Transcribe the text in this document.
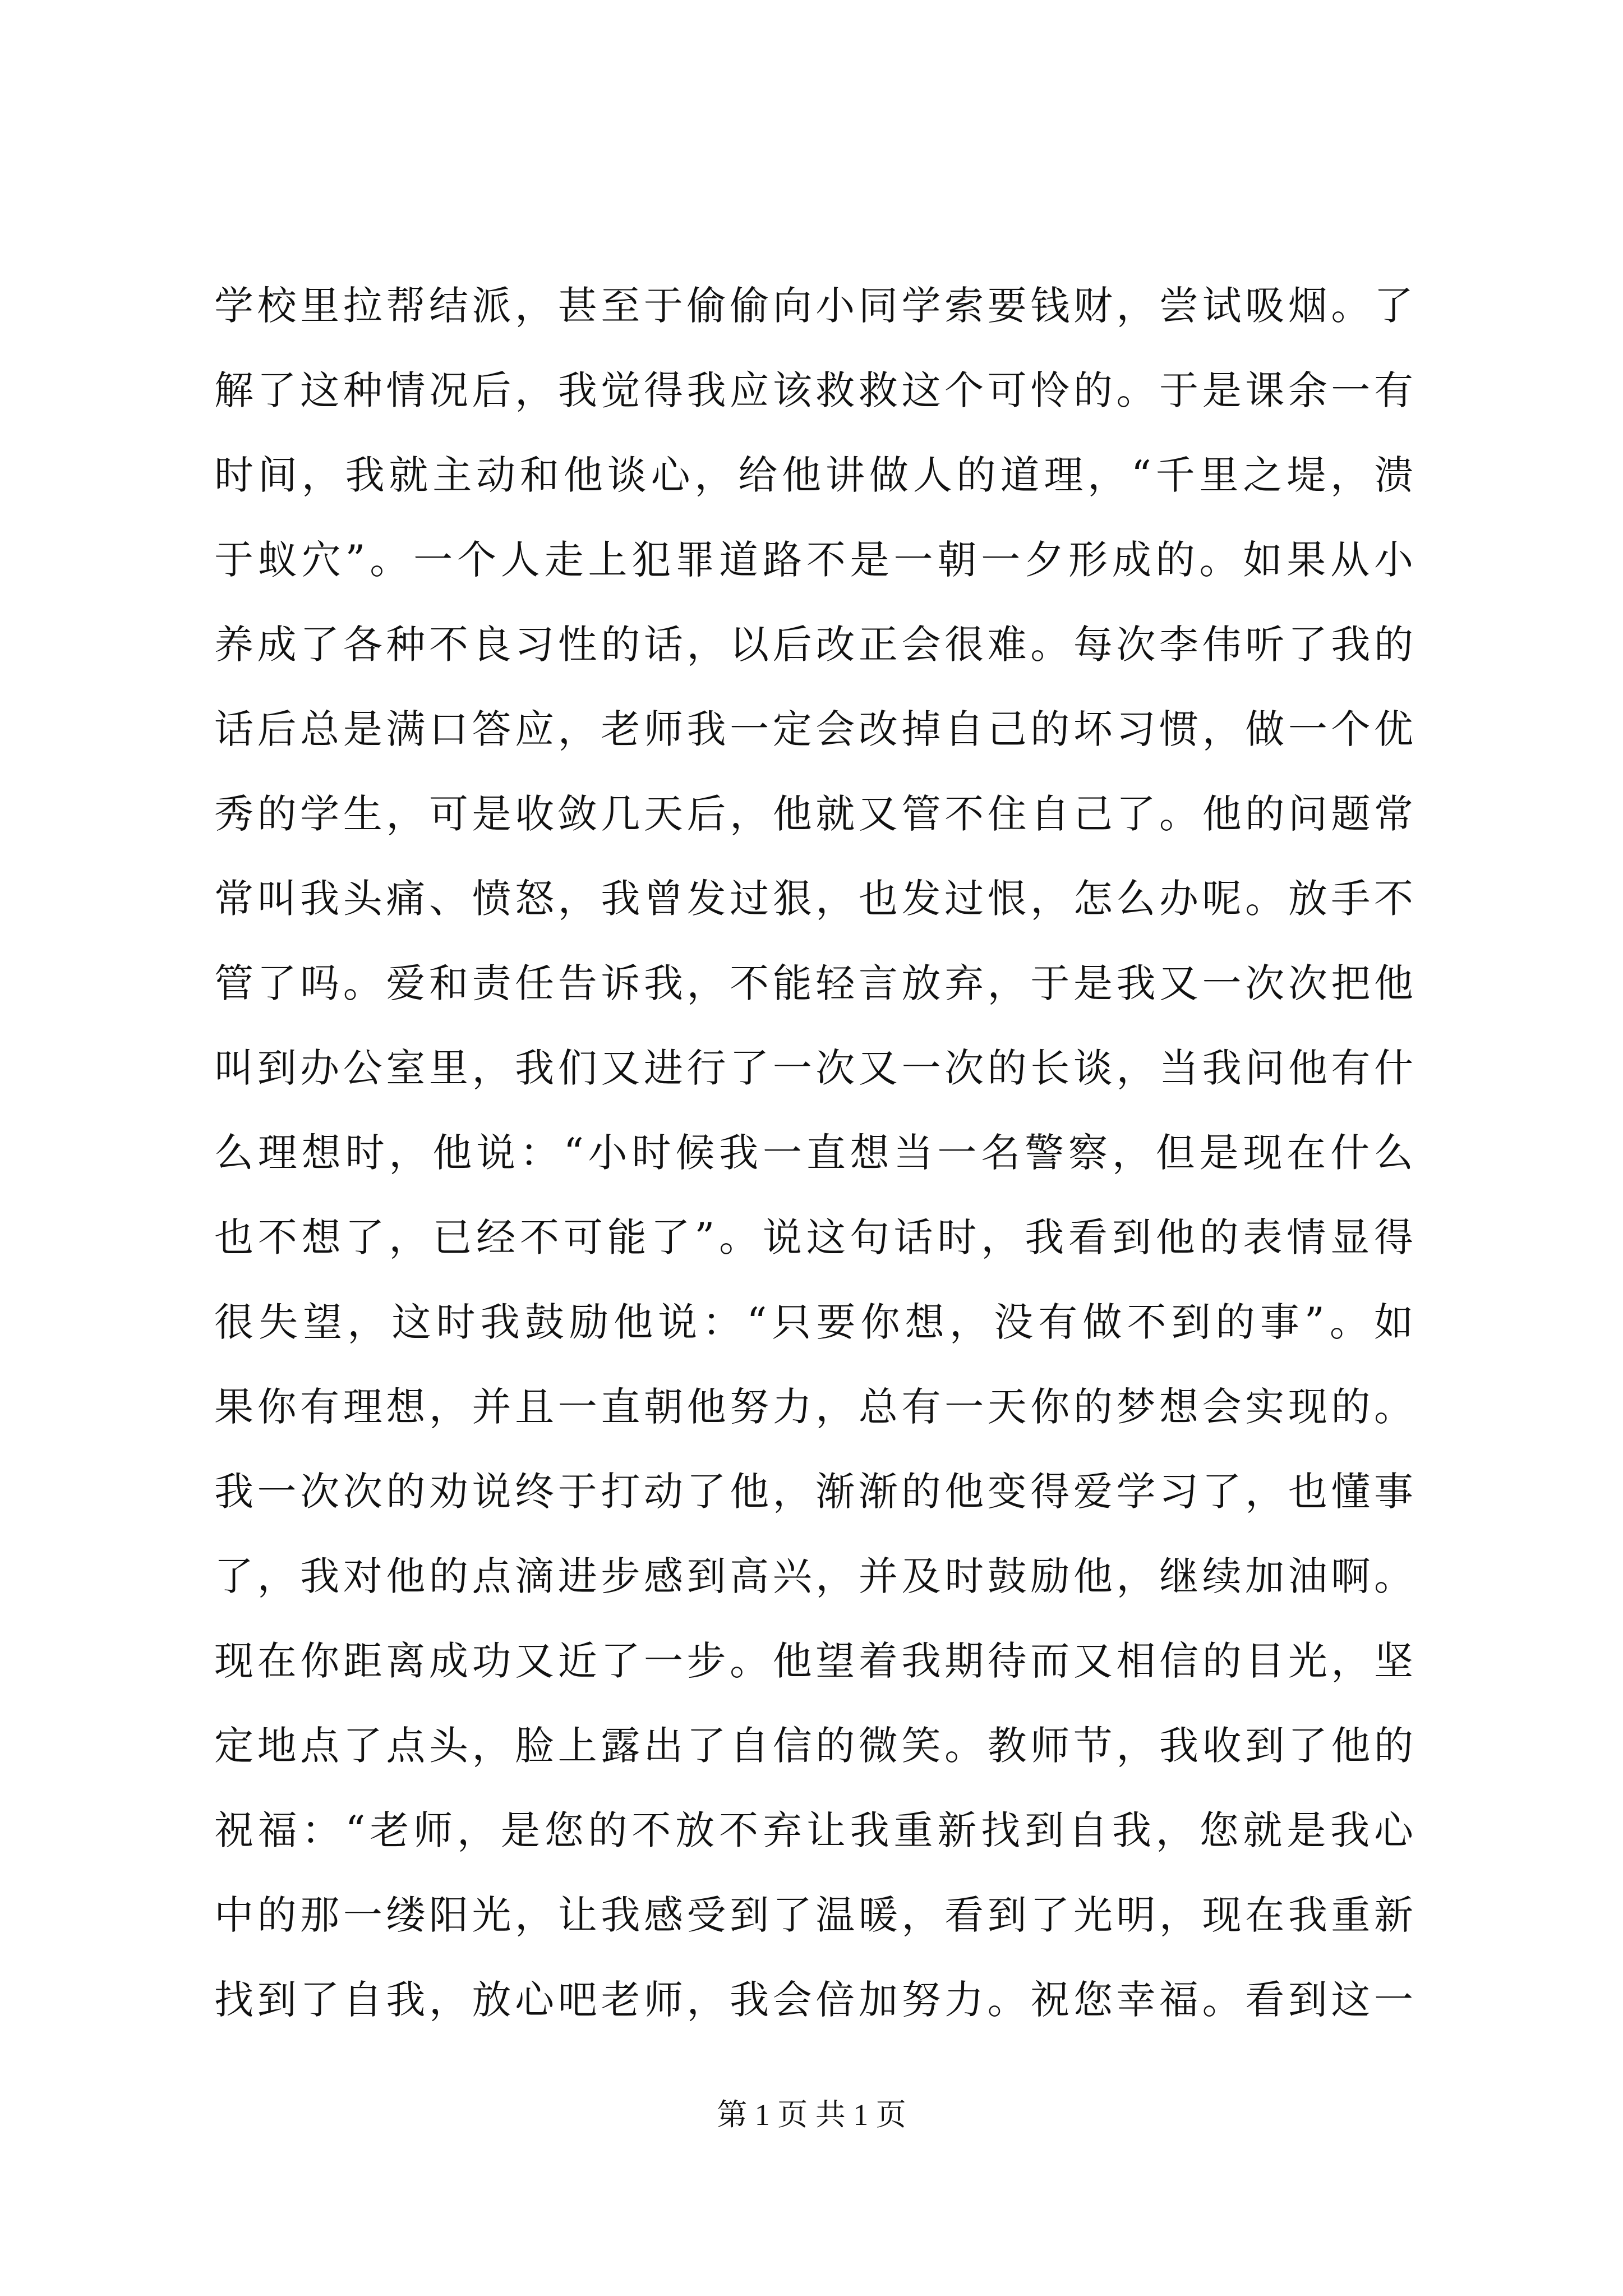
学校里拉帮结派，甚至于偷偷向小同学索要钱财，尝试吸烟。了
解了这种情况后，我觉得我应该救救这个可怜的。于是课余一有
时间，我就主动和他谈心，给他讲做人的道理，“千里之堤，溃
于蚁穴”。一个人走上犯罪道路不是一朝一夕形成的。如果从小
养成了各种不良习性的话，以后改正会很难。每次李伟听了我的
话后总是满口答应，老师我一定会改掉自己的坏习惯，做一个优
秀的学生，可是收敛几天后，他就又管不住自己了。他的问题常
常叫我头痛、愤怒，我曾发过狠，也发过恨，怎么办呢。放手不
管了吗。爱和责任告诉我，不能轻言放弃，于是我又一次次把他
叫到办公室里，我们又进行了一次又一次的长谈，当我问他有什
么理想时，他说：“小时候我一直想当一名警察，但是现在什么
也不想了，已经不可能了”。说这句话时，我看到他的表情显得
很失望，这时我鼓励他说：“只要你想，没有做不到的事”。如
果你有理想，并且一直朝他努力，总有一天你的梦想会实现的。
我一次次的劝说终于打动了他，渐渐的他变得爱学习了，也懂事
了，我对他的点滴进步感到高兴，并及时鼓励他，继续加油啊。
现在你距离成功又近了一步。他望着我期待而又相信的目光，坚
定地点了点头，脸上露出了自信的微笑。教师节，我收到了他的
祝福：“老师，是您的不放不弃让我重新找到自我，您就是我心
中的那一缕阳光，让我感受到了温暖，看到了光明，现在我重新
找到了自我，放心吧老师，我会倍加努力。祝您幸福。看到这一
第 1 页 共 1 页
